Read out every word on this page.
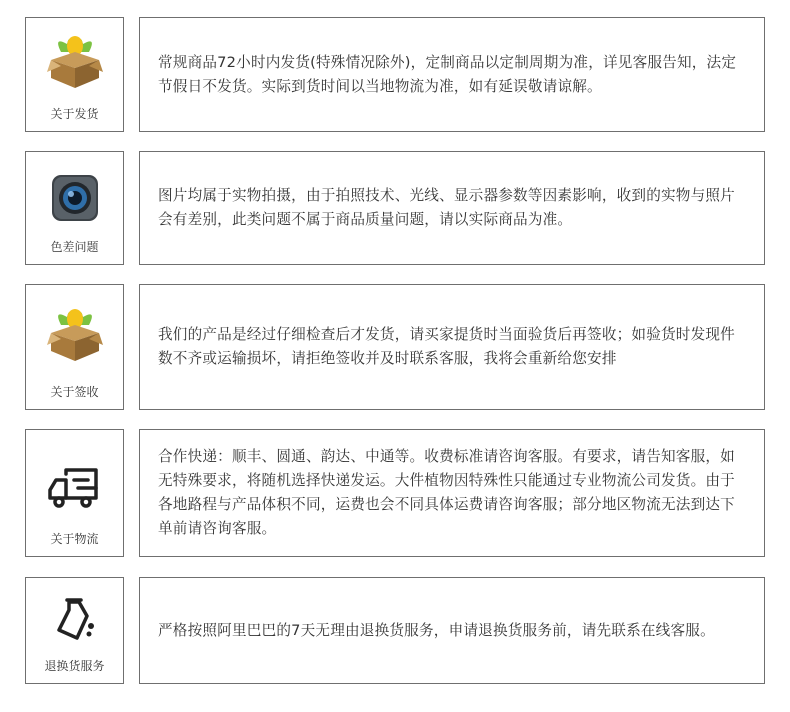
关于发货

常规商品72小时内发货(特殊情况除外)，定制商品以定制周期为准，详见客服告知，法定节假日不发货。实际到货时间以当地物流为准，如有延误敬请谅解。

色差问题

图片均属于实物拍摄，由于拍照技术、光线、显示器参数等因素影响，收到的实物与照片会有差别，此类问题不属于商品质量问题，请以实际商品为准。

关于签收

我们的产品是经过仔细检查后才发货，请买家提货时当面验货后再签收；如验货时发现件数不齐或运输损坏，请拒绝签收并及时联系客服，我将会重新给您安排

关于物流

合作快递：顺丰、圆通、韵达、中通等。收费标准请咨询客服。有要求，请告知客服，如无特殊要求，将随机选择快递发运。大件植物因特殊性只能通过专业物流公司发货。由于各地路程与产品体积不同，运费也会不同具体运费请咨询客服；部分地区物流无法到达下单前请咨询客服。

退换货服务

严格按照阿里巴巴的7天无理由退换货服务，申请退换货服务前，请先联系在线客服。
